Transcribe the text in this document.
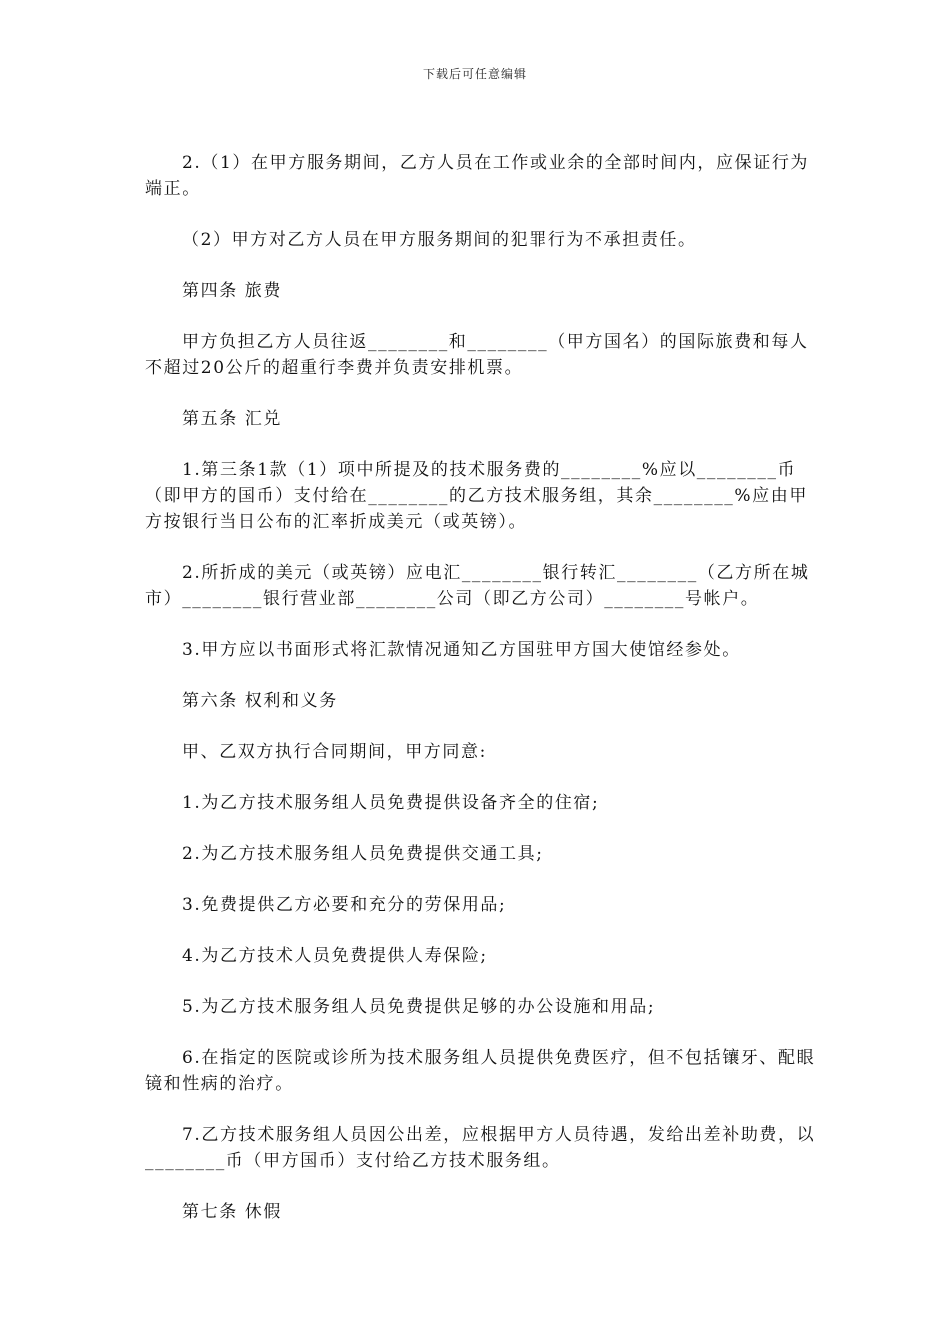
下载后可任意编辑

2.（1）在甲方服务期间，乙方人员在工作或业余的全部时间内，应保证行为端正。

（2）甲方对乙方人员在甲方服务期间的犯罪行为不承担责任。

第四条 旅费

甲方负担乙方人员往返________和________（甲方国名）的国际旅费和每人不超过20公斤的超重行李费并负责安排机票。

第五条 汇兑

1.第三条1款（1）项中所提及的技术服务费的________%应以________币（即甲方的国币）支付给在________的乙方技术服务组，其余________%应由甲方按银行当日公布的汇率折成美元（或英镑）。

2.所折成的美元（或英镑）应电汇________银行转汇________（乙方所在城市）________银行营业部________公司（即乙方公司）________号帐户。

3.甲方应以书面形式将汇款情况通知乙方国驻甲方国大使馆经参处。

第六条 权利和义务

甲、乙双方执行合同期间，甲方同意:

1.为乙方技术服务组人员免费提供设备齐全的住宿;

2.为乙方技术服务组人员免费提供交通工具;

3.免费提供乙方必要和充分的劳保用品;

4.为乙方技术人员免费提供人寿保险;

5.为乙方技术服务组人员免费提供足够的办公设施和用品;

6.在指定的医院或诊所为技术服务组人员提供免费医疗，但不包括镶牙、配眼镜和性病的治疗。

7.乙方技术服务组人员因公出差，应根据甲方人员待遇，发给出差补助费，以________币（甲方国币）支付给乙方技术服务组。

第七条 休假
